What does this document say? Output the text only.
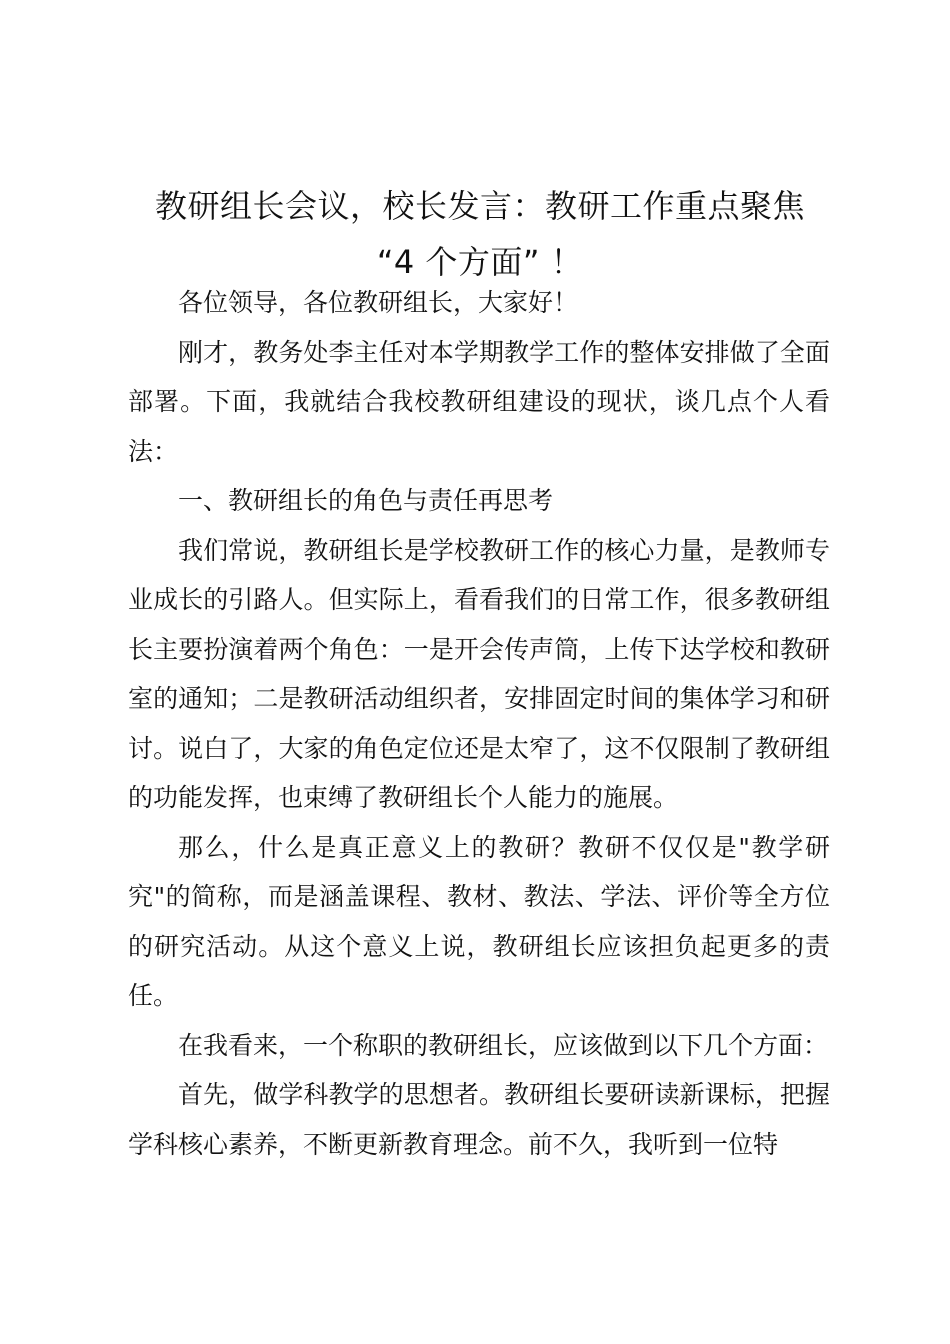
教研组长会议，校长发言：教研工作重点聚焦
“4 个方面” ！

各位领导，各位教研组长，大家好！

刚才，教务处李主任对本学期教学工作的整体安排做了全面部署。下面，我就结合我校教研组建设的现状，谈几点个人看法：

一、教研组长的角色与责任再思考

我们常说，教研组长是学校教研工作的核心力量，是教师专业成长的引路人。但实际上，看看我们的日常工作，很多教研组长主要扮演着两个角色：一是开会传声筒，上传下达学校和教研室的通知；二是教研活动组织者，安排固定时间的集体学习和研讨。说白了，大家的角色定位还是太窄了，这不仅限制了教研组的功能发挥，也束缚了教研组长个人能力的施展。

那么，什么是真正意义上的教研？教研不仅仅是"教学研究"的简称，而是涵盖课程、教材、教法、学法、评价等全方位的研究活动。从这个意义上说，教研组长应该担负起更多的责任。

在我看来，一个称职的教研组长，应该做到以下几个方面：

首先，做学科教学的思想者。教研组长要研读新课标，把握学科核心素养，不断更新教育理念。前不久，我听到一位特
